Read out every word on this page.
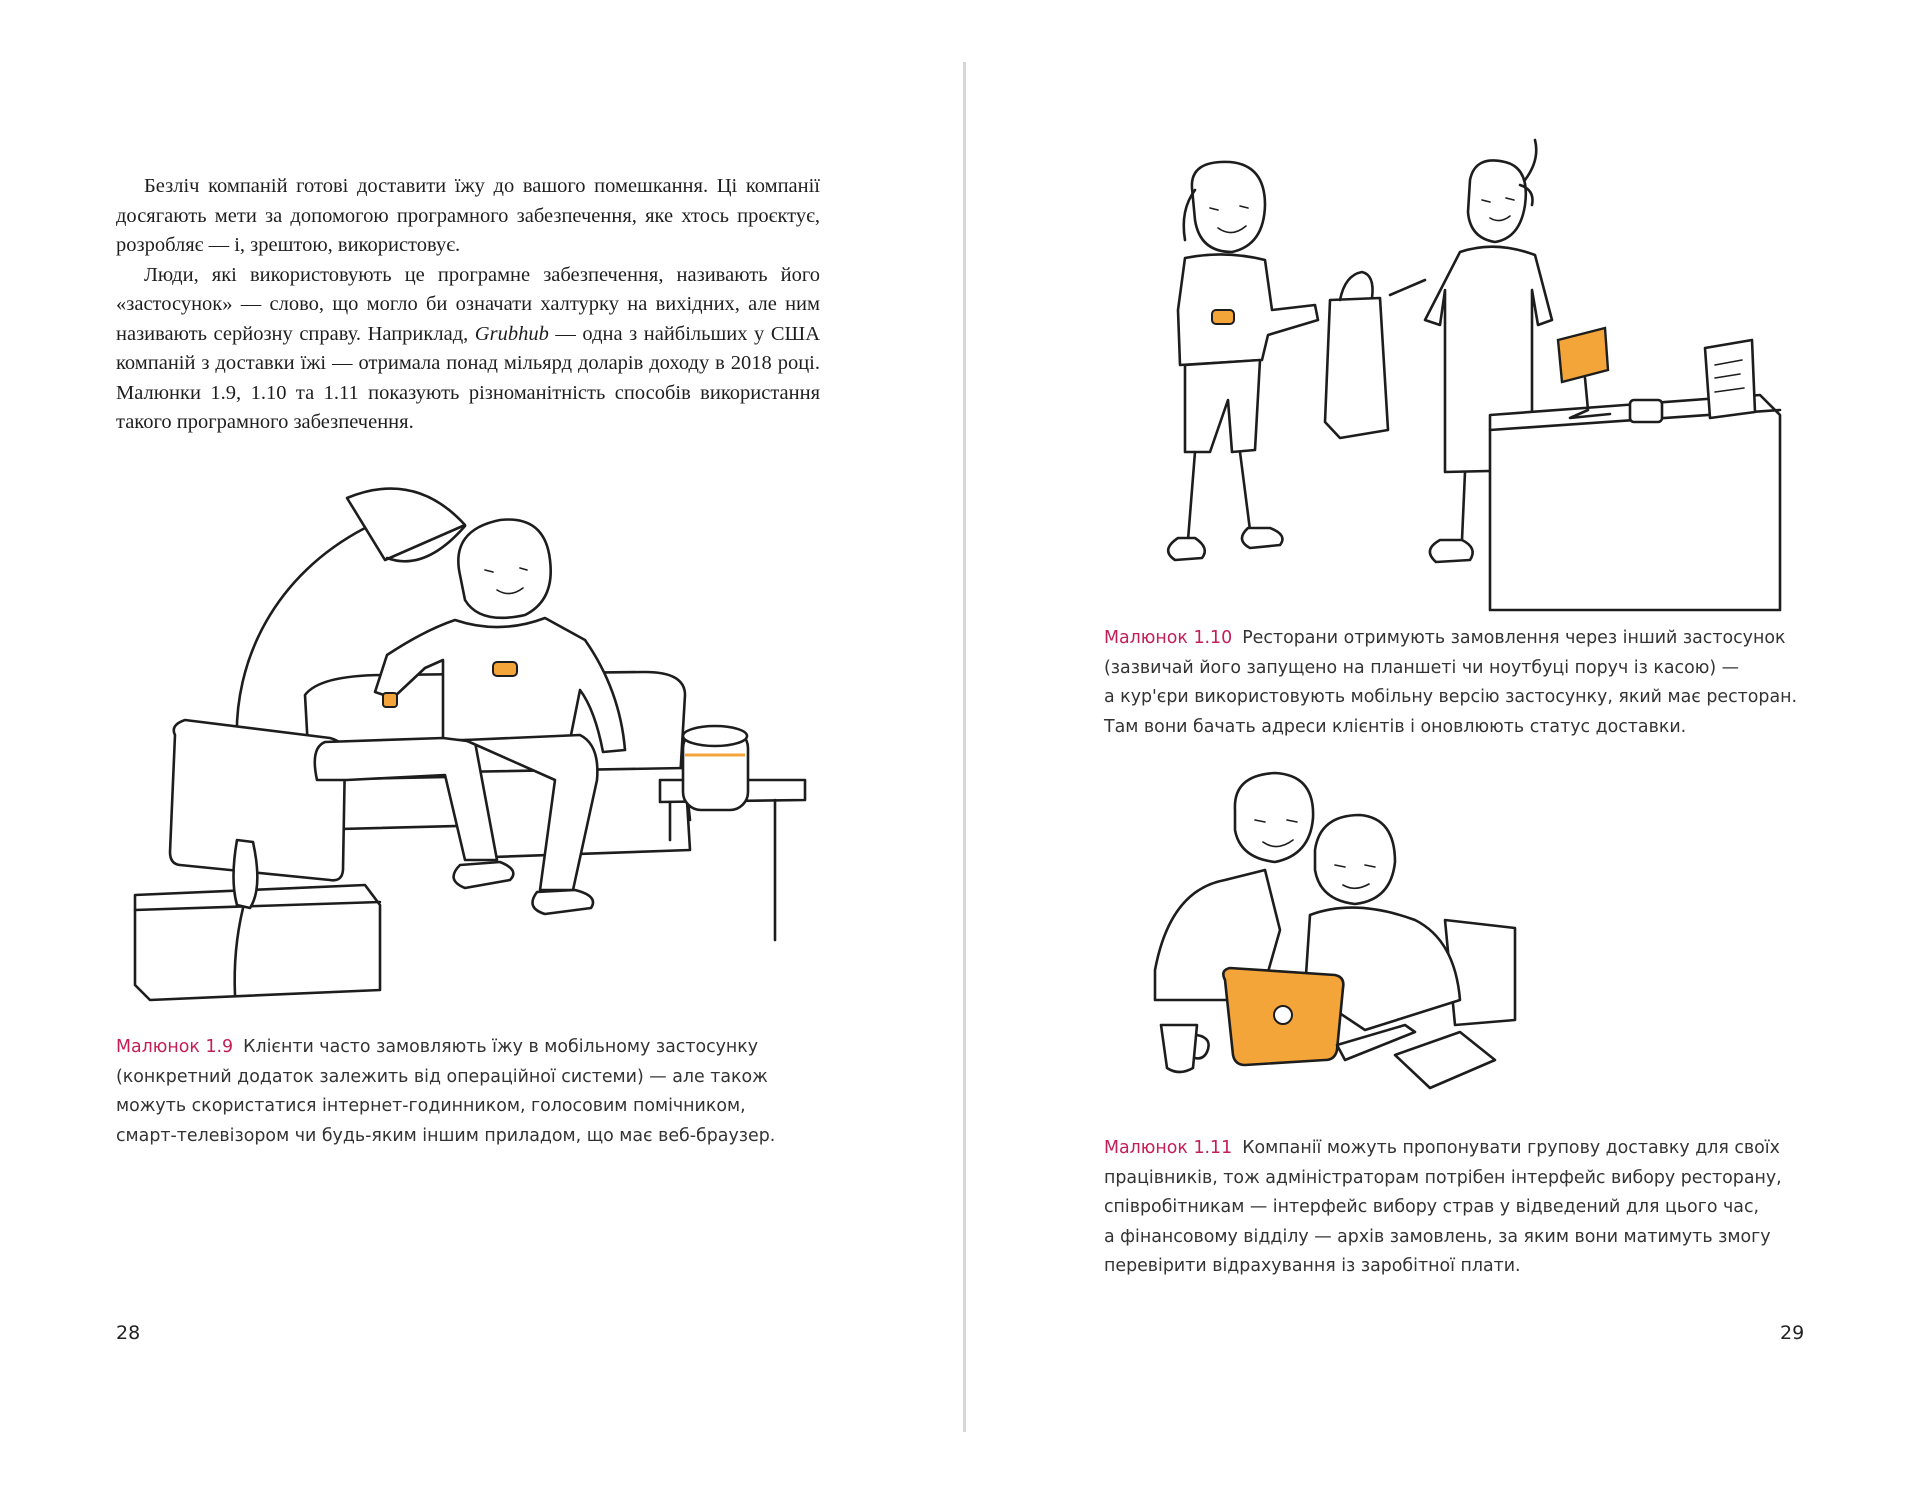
Безліч компаній готові доставити їжу до вашого помешкання. Ці компанії досягають мети за допомогою програмного забезпечення, яке хтось проєктує, розробляє — і, зрештою, використовує.

Люди, які використовують це програмне забезпечення, називають його «застосунок» — слово, що могло би означати халтурку на вихідних, але ним називають серйозну справу. Наприклад, Grubhub — одна з найбільших у США компаній з доставки їжі — отримала понад мільярд доларів доходу в 2018 році. Малюнки 1.9, 1.10 та 1.11 показують різноманітність способів використання такого програмного забезпечення.

Малюнок 1.9 Клієнти часто замовляють їжу в мобільному застосунку
(конкретний додаток залежить від операційної системи) — але також
можуть скористатися інтернет-годинником, голосовим помічником,
смарт-телевізором чи будь-яким іншим приладом, що має веб-браузер.
28
Малюнок 1.10 Ресторани отримують замовлення через інший застосунок
(зазвичай його запущено на планшеті чи ноутбуці поруч із касою) —
а кур'єри використовують мобільну версію застосунку, який має ресторан.
Там вони бачать адреси клієнтів і оновлюють статус доставки.
Малюнок 1.11 Компанії можуть пропонувати групову доставку для своїх
працівників, тож адміністраторам потрібен інтерфейс вибору ресторану,
співробітникам — інтерфейс вибору страв у відведений для цього час,
а фінансовому відділу — архів замовлень, за яким вони матимуть змогу
перевірити відрахування із заробітної плати.
29
